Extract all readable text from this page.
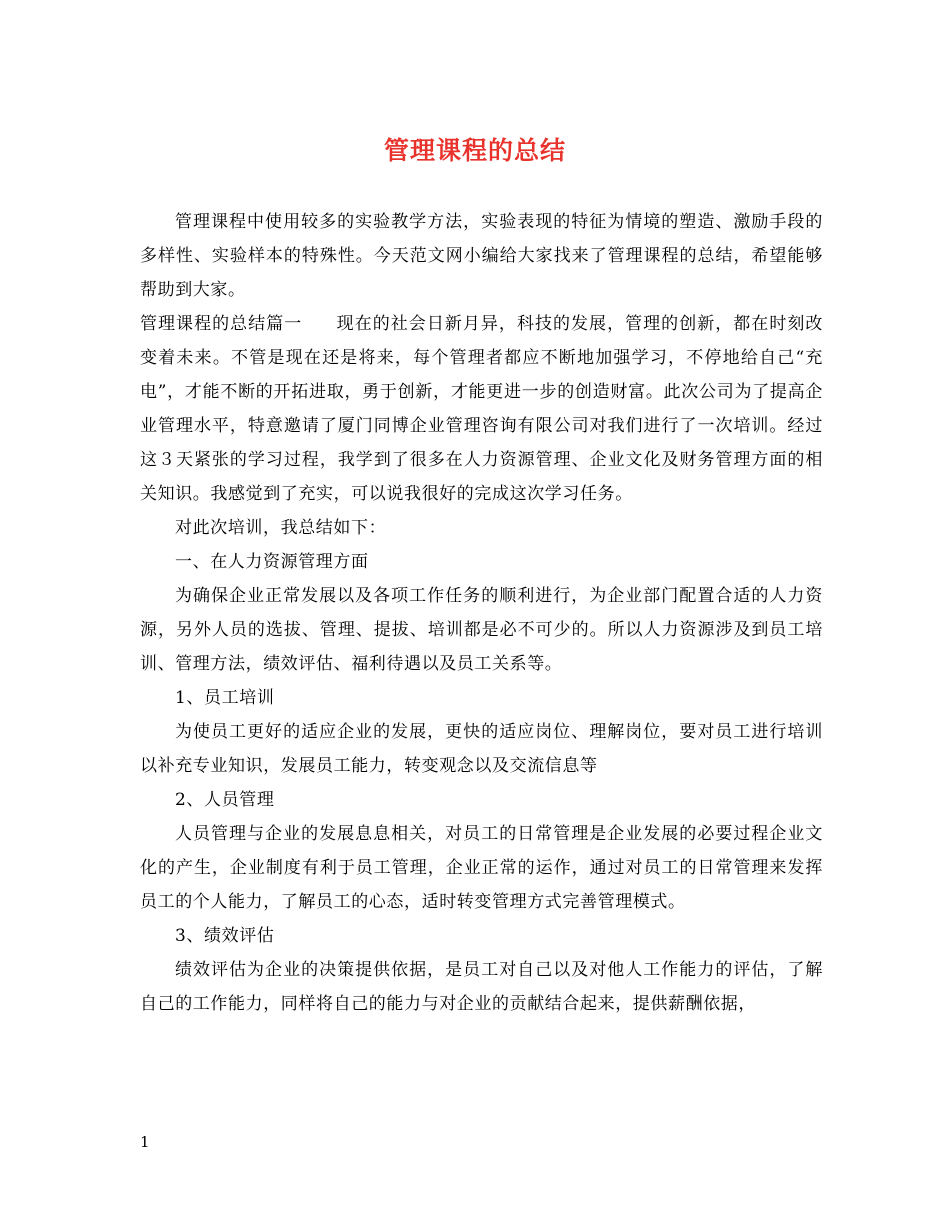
管理课程的总结

管理课程中使用较多的实验教学方法，实验表现的特征为情境的塑造、激励手段的多样性、实验样本的特殊性。今天范文网小编给大家找来了管理课程的总结，希望能够帮助到大家。

管理课程的总结篇一 现在的社会日新月异，科技的发展，管理的创新，都在时刻改变着未来。不管是现在还是将来，每个管理者都应不断地加强学习，不停地给自己“充电”，才能不断的开拓进取，勇于创新，才能更进一步的创造财富。此次公司为了提高企业管理水平，特意邀请了厦门同博企业管理咨询有限公司对我们进行了一次培训。经过这３天紧张的学习过程，我学到了很多在人力资源管理、企业文化及财务管理方面的相关知识。我感觉到了充实，可以说我很好的完成这次学习任务。

对此次培训，我总结如下：

一、在人力资源管理方面

为确保企业正常发展以及各项工作任务的顺利进行，为企业部门配置合适的人力资源，另外人员的选拔、管理、提拔、培训都是必不可少的。所以人力资源涉及到员工培训、管理方法，绩效评估、福利待遇以及员工关系等。

1、员工培训

为使员工更好的适应企业的发展，更快的适应岗位、理解岗位，要对员工进行培训以补充专业知识，发展员工能力，转变观念以及交流信息等

2、人员管理

人员管理与企业的发展息息相关，对员工的日常管理是企业发展的必要过程企业文化的产生，企业制度有利于员工管理，企业正常的运作，通过对员工的日常管理来发挥员工的个人能力，了解员工的心态，适时转变管理方式完善管理模式。

3、绩效评估

绩效评估为企业的决策提供依据，是员工对自己以及对他人工作能力的评估，了解自己的工作能力，同样将自己的能力与对企业的贡献结合起来，提供薪酬依据，

1
